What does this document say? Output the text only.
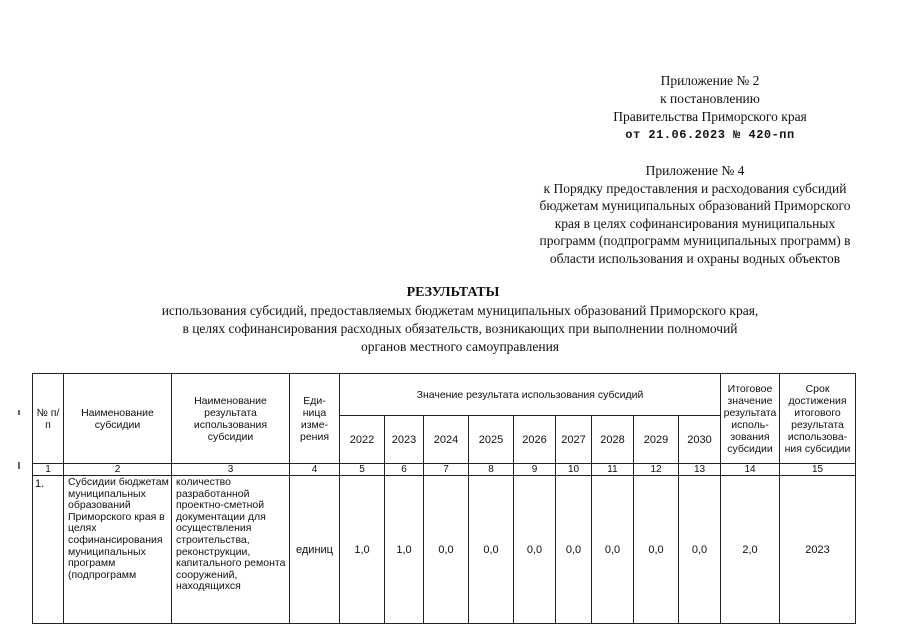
Приложение № 2
к постановлению
Правительства Приморского края
от 21.06.2023 № 420-пп
Приложение № 4
к Порядку предоставления и расходования субсидий
бюджетам муниципальных образований Приморского
края в целях софинансирования муниципальных
программ (подпрограмм муниципальных программ) в
области использования и охраны водных объектов
РЕЗУЛЬТАТЫ
использования субсидий, предоставляемых бюджетам муниципальных образований Приморского края,
в целях софинансирования расходных обязательств, возникающих при выполнении полномочий
органов местного самоуправления
№ п/п	Наименование субсидии	Наименование результата использования субсидии	Еди-ница изме-рения	Значение результата использования субсидий									Итоговое значение результата исполь-зования субсидии	Срок достижения итогового результата использова-ния субсидии
				2022	2023	2024	2025	2026	2027	2028	2029	2030		
1	2	3	4	5	6	7	8	9	10	11	12	13	14	15
1.	Субсидии бюджетам муниципальных образований Приморского края в целях софинансирования муниципальных программ (подпрограмм	количество разработанной проектно-сметной документации для осуществления строительства, реконструкции, капитального ремонта сооружений, находящихся	единиц	1,0	1,0	0,0	0,0	0,0	0,0	0,0	0,0	0,0	2,0	2023
